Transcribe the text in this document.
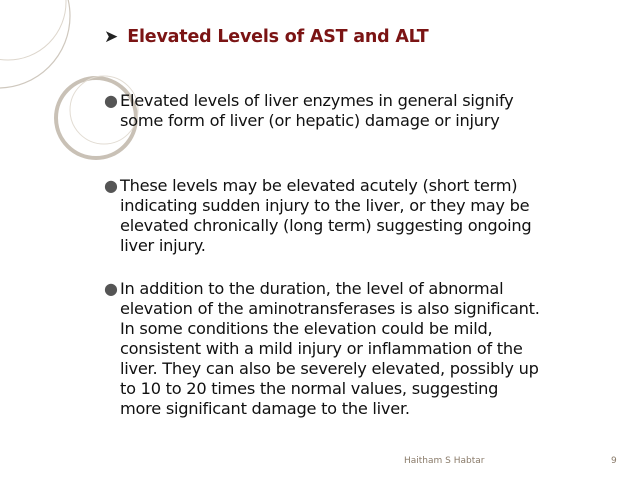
➤ Elevated Levels of AST and ALT
● Elevated levels of liver enzymes in general signify
some form of liver (or hepatic) damage or injury
● These levels may be elevated acutely (short term)
indicating sudden injury to the liver, or they may be
elevated chronically (long term) suggesting ongoing
liver injury.
● In addition to the duration, the level of abnormal
elevation of the aminotransferases is also significant.
In some conditions the elevation could be mild,
consistent with a mild injury or inflammation of the
liver. They can also be severely elevated, possibly up
to 10 to 20 times the normal values, suggesting
more significant damage to the liver.
Haitham S Habtar	9
